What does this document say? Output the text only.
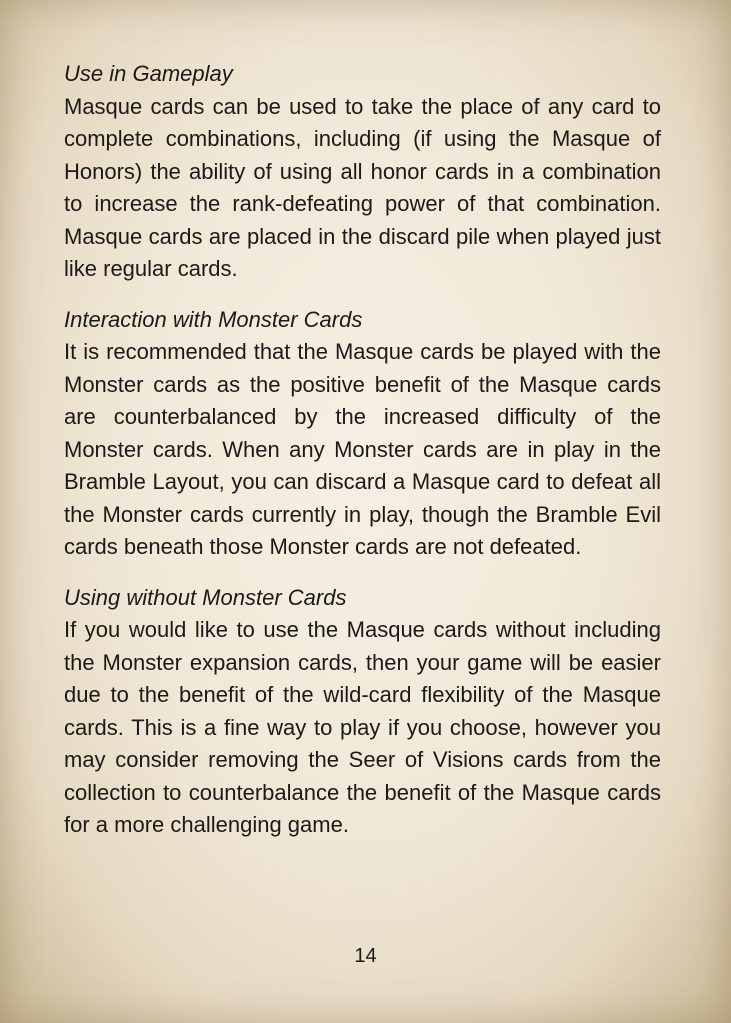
Use in Gameplay

Masque cards can be used to take the place of any card to complete combinations, including (if using the Masque of Honors) the ability of using all honor cards in a combination to increase the rank-defeating power of that combination. Masque cards are placed in the discard pile when played just like regular cards.

Interaction with Monster Cards

It is recommended that the Masque cards be played with the Monster cards as the positive benefit of the Masque cards are counterbalanced by the increased difficulty of the Monster cards. When any Monster cards are in play in the Bramble Layout, you can discard a Masque card to defeat all the Monster cards currently in play, though the Bramble Evil cards beneath those Monster cards are not defeated.

Using without Monster Cards

If you would like to use the Masque cards without including the Monster expansion cards, then your game will be easier due to the benefit of the wild-card flexibility of the Masque cards. This is a fine way to play if you choose, however you may consider removing the Seer of Visions cards from the collection to counterbalance the benefit of the Masque cards for a more challenging game.

14
